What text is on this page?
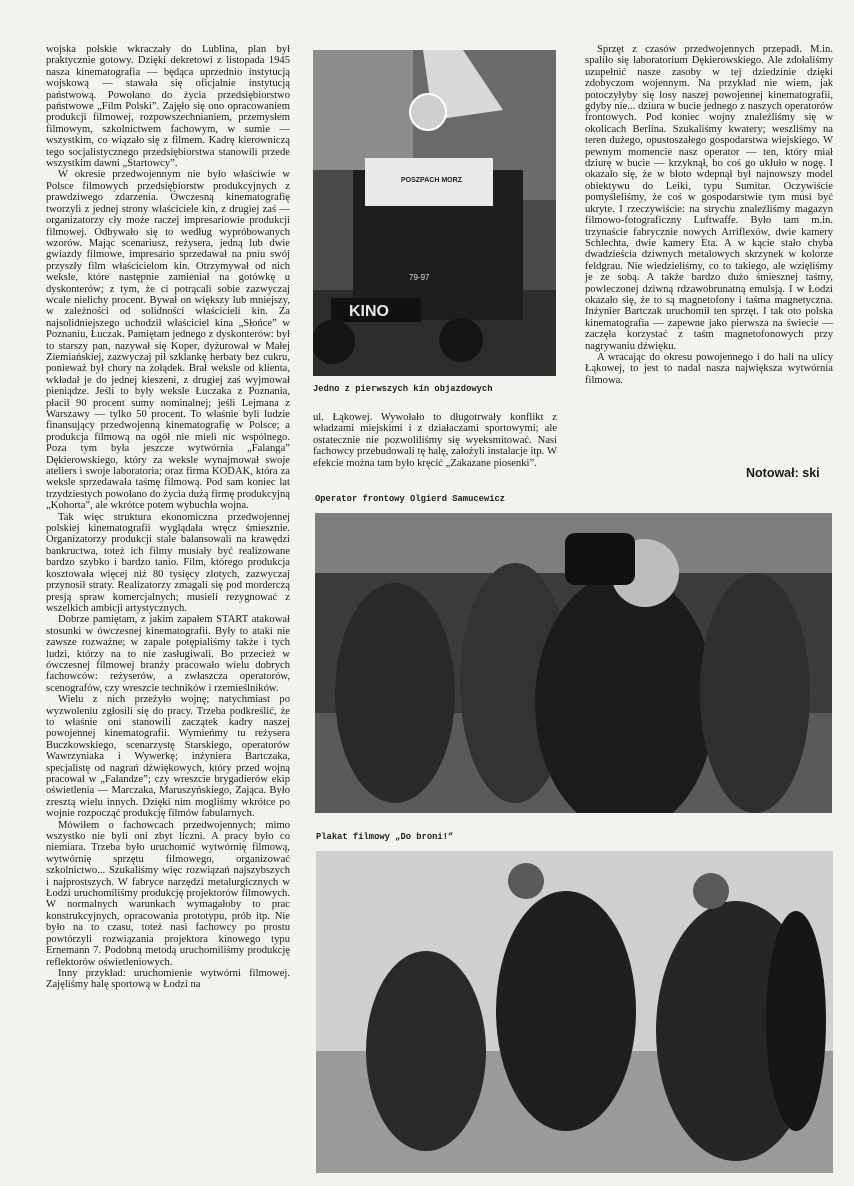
wojska polskie wkraczały do Lublina, plan był praktycznie gotowy. Dzięki dekretowi z listopada 1945 nasza kinematografia — będąca uprzednio instytucją wojskową — stawała się oficjalnie instytucją państwową. Powołano do życia przedsiębiorstwo państwowe „Film Polski”. Zajęło się ono opracowaniem produkcji filmowej, rozpowszechnianiem, przemysłem filmowym, szkolnictwem fachowym, w sumie — wszystkim, co wiązało się z filmem. Kadrę kierowniczą tego socjalistycznego przedsiębiorstwa stanowili przede wszystkim dawni „Startowcy”.

W okresie przedwojennym nie było właściwie w Polsce filmowych przedsiębiorstw produkcyjnych z prawdziwego zdarzenia. Ówczesną kinematografię tworzyli z jednej strony właściciele kin, z drugiej zaś — organizatorzy cły może raczej impresariowie produkcji filmowej. Odbywało się to według wypróbowanych wzorów. Mając scenariusz, reżysera, jedną lub dwie gwiazdy filmowe, impresario sprzedawał na pniu swój przyszły film właścicielom kin. Otrzymywał od nich weksle, które następnie zamieniał na gotówkę u dyskonterów; z tym, że ci potrącali sobie zazwyczaj wcale nielichy procent. Bywał on większy lub mniejszy, w zależności od solidności właścicieli kin. Za najsolidniejszego uchodził właściciel kina „Słońce” w Poznaniu, Łuczak. Pamiętam jednego z dyskonterów: był to starszy pan, nazywał się Koper, dyżurował w Małej Ziemiańskiej, zazwyczaj pił szklankę herbaty bez cukru, ponieważ był chory na żołądek. Brał weksle od klienta, wkładał je do jednej kieszeni, z drugiej zaś wyjmował pieniądze. Jeśli to były weksle Łuczaka z Poznania, płacił 90 procent sumy nominalnej; jeśli Lejmana z Warszawy — tylko 50 procent. To właśnie byli ludzie finansujący przedwojenną kinematografię w Polsce; a produkcja filmową na ogół nie mieli nic wspólnego. Poza tym była jeszcze wytwórnia „Falanga” Dękierowskiego, który za weksle wynajmował swoje ateliers i swoje laboratoria; oraz firma KODAK, która za weksle sprzedawała taśmę filmową. Pod sam koniec lat trzydziestych powołano do życia dużą firmę produkcyjną „Kohorta”, ale wkrótce potem wybuchła wojna.

Tak więc struktura ekonomiczna przedwojennej polskiej kinematografii wyglądała wręcz śmiesznie. Organizatorzy produkcji stale balansowali na krawędzi bankructwa, toteż ich filmy musiały być realizowane bardzo szybko i bardzo tanio. Film, którego produkcja kosztowała więcej niż 80 tysięcy złotych, zazwyczaj przynosił straty. Realizatorzy zmagali się pod morderczą presją spraw komercjalnych; musieli rezygnować z wszelkich ambicji artystycznych.

Dobrze pamiętam, z jakim zapałem START atakował stosunki w ówczesnej kinematografii. Były to ataki nie zawsze rozważne; w zapale potępialiśmy także i tych ludzi, którzy na to nie zasługiwali. Bo przecież w ówczesnej filmowej branży pracowało wielu dobrych fachowców: reżyserów, a zwłaszcza operatorów, scenografów, czy wreszcie techników i rzemieślników.

Wielu z nich przeżyło wojnę; natychmiast po wyzwoleniu zgłosili się do pracy. Trzeba podkreślić, że to właśnie oni stanowili zaczątek kadry naszej powojennej kinematografii. Wymieńmy tu reżysera Buczkowskiego, scenarzystę Starskiego, operatorów Wawrzyniaka i Wywerkę; inżyniera Bartczaka, specjalistę od nagrań dźwiękowych, który przed wojną pracował w „Falandze”; czy wreszcie brygadierów ekip oświetlenia — Marczaka, Maruszyńskiego, Zająca. Było zresztą wielu innych. Dzięki nim mogliśmy wkrótce po wojnie rozpocząć produkcję filmów fabularnych.

Mówiłem o fachowcach przedwojennych; mimo wszystko nie byli oni zbyt liczni. A pracy było co niemiara. Trzeba było uruchomić wytwórnię filmową, wytwórnię sprzętu filmowego, organizować szkolnictwo... Szukaliśmy więc rozwiązań najszybszych i najprostszych. W fabryce narzędzi metalurgicznych w Łodzi uruchomiliśmy produkcję projektorów filmowych. W normalnych warunkach wymagałoby to prac konstrukcyjnych, opracowania prototypu, prób itp. Nie było na to czasu, toteż nasi fachowcy po prostu powtórzyli rozwiązania projektora kinowego typu Ernemann 7. Podobną metodą uruchomiliśmy produkcję reflektorów oświetleniowych.

Inny przykład: uruchomienie wytwórni filmowej. Zajęliśmy halę sportową w Łodzi na

POSZPACH MORZ
KINO
79-97
Jedno z pierwszych kin objazdowych

ul. Łąkowej. Wywołało to długotrwały konflikt z władzami miejskimi i z działaczami sportowymi; ale ostatecznie nie pozwoliliśmy się wyeksmitować. Nasi fachowcy przebudowali tę halę, założyli instalacje itp. W efekcie można tam było kręcić „Zakazane piosenki”.

Operator frontowy Olgierd Samucewicz

Sprzęt z czasów przedwojennych przepadł. M.in. spaliło się laboratorium Dękierowskiego. Ale zdołaliśmy uzupełnić nasze zasoby w tej dziedzinie dzięki zdobyczom wojennym. Na przykład nie wiem, jak potoczyłyby się losy naszej powojennej kinematografii, gdyby nie... dziura w bucie jednego z naszych operatorów frontowych. Pod koniec wojny znaleźliśmy się w okolicach Berlina. Szukaliśmy kwatery; weszliśmy na teren dużego, opustoszałego gospodarstwa wiejskiego. W pewnym momencie nasz operator — ten, który miał dziurę w bucie — krzyknął, bo coś go ukłuło w nogę. I okazało się, że w błoto wdepnął był najnowszy model obiektywu do Leiki, typu Sumitar. Oczywiście pomyśleliśmy, że coś w gospodarstwie tym musi być ukryte. I rzeczywiście: na strychu znaleźliśmy magazyn filmowo-fotograficzny Luftwaffe. Było tam m.in. trzynaście fabrycznie nowych Arriflexów, dwie kamery Schlechta, dwie kamery Eta. A w kącie stało chyba dwadzieścia dziwnych metalowych skrzynek w kolorze feldgrau. Nie wiedzieliśmy, co to takiego, ale wzięliśmy je ze sobą. A także bardzo dużo śmiesznej taśmy, powleczonej dziwną rdzawobrunatną emulsją. I w Łodzi okazało się, że to są magnetofony i taśma magnetyczna. Inżynier Bartczak uruchomił ten sprzęt. I tak oto polska kinematografia — zapewne jako pierwsza na świecie — zaczęła korzystać z taśm magnetofonowych przy nagrywaniu dźwięku.

A wracając do okresu powojennego i do hali na ulicy Łąkowej, to jest to nadal nasza największa wytwórnia filmowa.

Notował: ski
Plakat filmowy „Do broni!”
